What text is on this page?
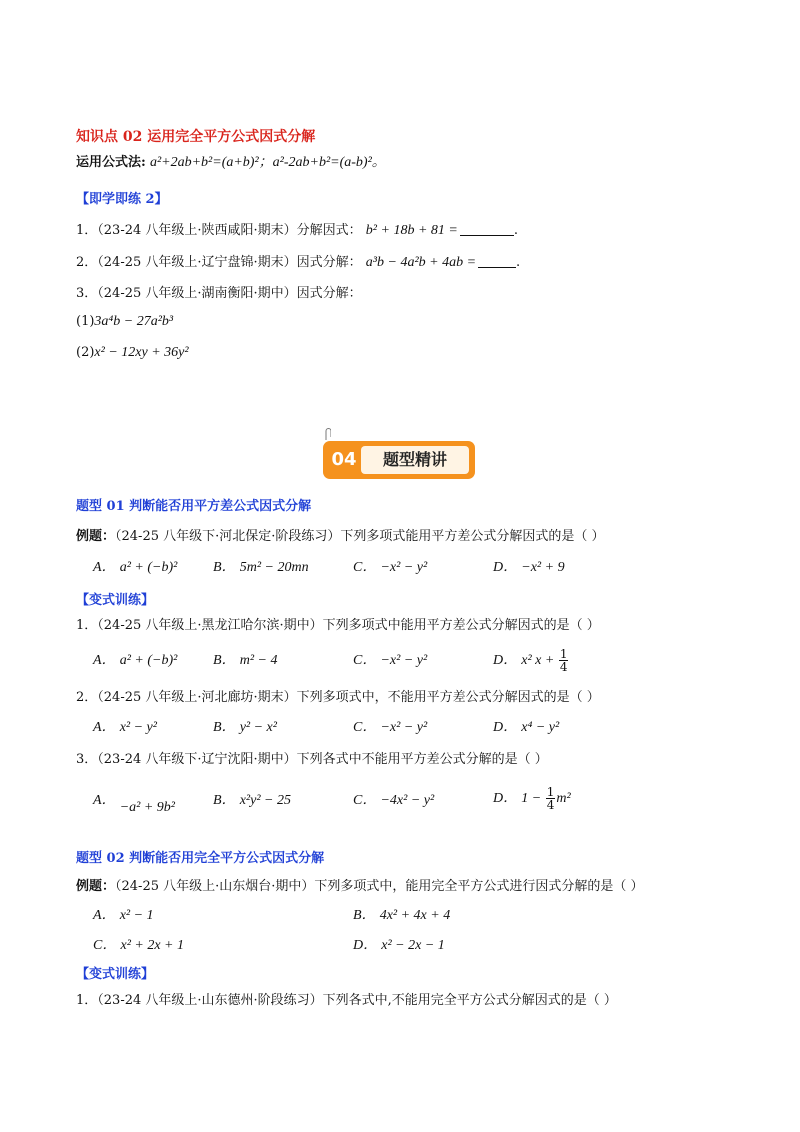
知识点 02 运用完全平方公式因式分解
运用公式法: a²+2ab+b²=(a+b)²；a²-2ab+b²=(a-b)²。
【即学即练 2】
1．（23-24 八年级上·陕西咸阳·期末）分解因式： b² + 18b + 81 =	.
2．（24-25 八年级上·辽宁盘锦·期末）因式分解： a³b − 4a²b + 4ab =	.
3．（24-25 八年级上·湖南衡阳·期中）因式分解：
(1)3a⁴b − 27a²b³
(2)x² − 12xy + 36y²
04	题型精讲
题型 01 判断能否用平方差公式因式分解
例题：（24-25 八年级下·河北保定·阶段练习）下列多项式能用平方差公式分解因式的是（ ）
A． a² + (−b)²	B． 5m² − 20mn	C． −x² − y²	D． −x² + 9
【变式训练】
1．（24-25 八年级上·黑龙江哈尔滨·期中）下列多项式中能用平方差公式分解因式的是（ ）
A． a² + (−b)²	B． m² − 4	C． −x² − y²	D． x² $x + \frac{1}{4}$
2．（24-25 八年级上·河北廊坊·期末）下列多项式中，不能用平方差公式分解因式的是（ ）
A． x² − y²	B． y² − x²	C． −x² − y²	D． x⁴ − y²
3．（23-24 八年级下·辽宁沈阳·期中）下列各式中不能用平方差公式分解的是（ ）
A． −a² + 9b²	B． x²y² − 25	C． −4x² − y²	D． $1 - \frac{1}{4} m^2$
题型 02 判断能否用完全平方公式因式分解
例题：（24-25 八年级上·山东烟台·期中）下列多项式中，能用完全平方公式进行因式分解的是（ ）
A． x² − 1	B． 4x² + 4x + 4
C． x² + 2x + 1	D． x² − 2x − 1
【变式训练】
1．（23-24 八年级上·山东德州·阶段练习）下列各式中,不能用完全平方公式分解因式的是（ ）
